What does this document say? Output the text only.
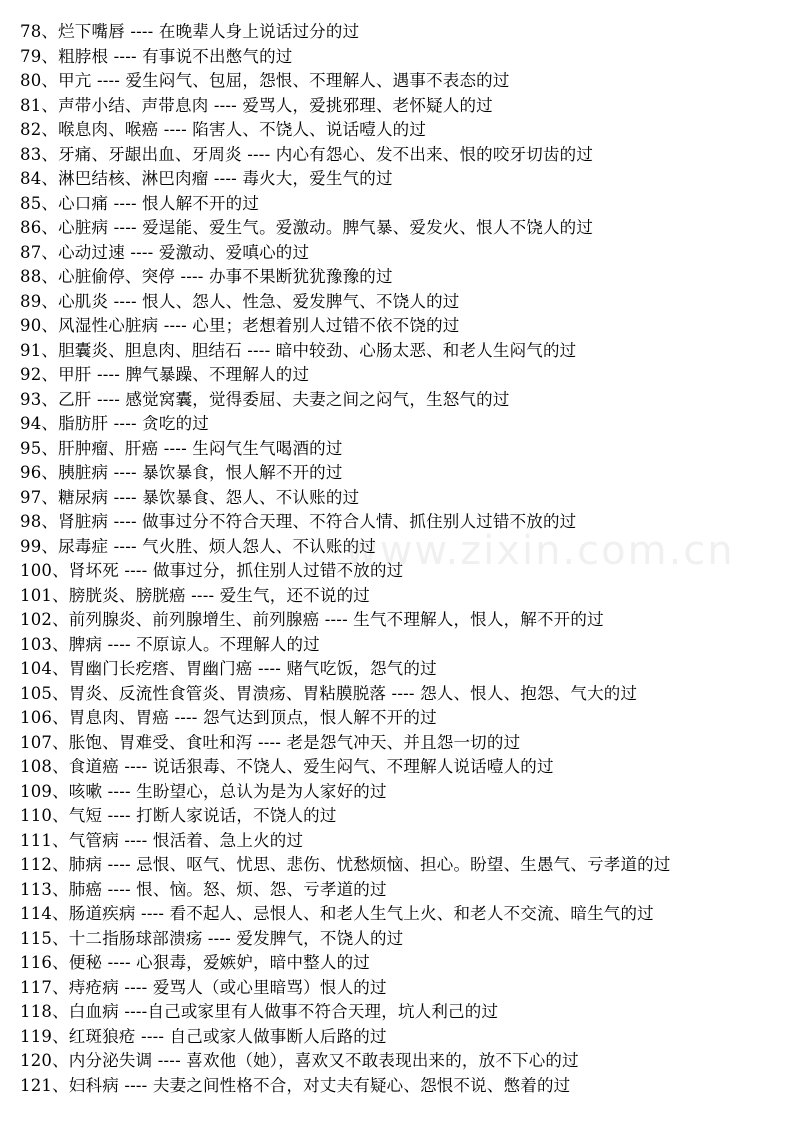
78、烂下嘴唇 ---- 在晚辈人身上说话过分的过
79、粗脖根 ---- 有事说不出憋气的过
80、甲亢 ---- 爱生闷气、包屈，怨恨、不理解人、遇事不表态的过
81、声带小结、声带息肉 ---- 爱骂人，爱挑邪理、老怀疑人的过
82、喉息肉、喉癌 ---- 陷害人、不饶人、说话噎人的过
83、牙痛、牙龈出血、牙周炎 ---- 内心有怨心、发不出来、恨的咬牙切齿的过
84、淋巴结核、淋巴肉瘤 ---- 毒火大，爱生气的过
85、心口痛 ---- 恨人解不开的过
86、心脏病 ---- 爱逞能、爱生气。爱激动。脾气暴、爱发火、恨人不饶人的过
87、心动过速 ---- 爱激动、爱嗔心的过
88、心脏偷停、突停 ---- 办事不果断犹犹豫豫的过
89、心肌炎 ---- 恨人、怨人、性急、爱发脾气、不饶人的过
90、风湿性心脏病 ---- 心里；老想着别人过错不依不饶的过
91、胆囊炎、胆息肉、胆结石 ---- 暗中较劲、心肠太恶、和老人生闷气的过
92、甲肝 ---- 脾气暴躁、不理解人的过
93、乙肝 ---- 感觉窝囊，觉得委屈、夫妻之间之闷气，生怒气的过
94、脂肪肝 ---- 贪吃的过
95、肝肿瘤、肝癌 ---- 生闷气生气喝酒的过
96、胰脏病 ---- 暴饮暴食，恨人解不开的过
97、糖尿病 ---- 暴饮暴食、怨人、不认账的过
98、肾脏病 ---- 做事过分不符合天理、不符合人情、抓住别人过错不放的过
99、尿毒症 ---- 气火胜、烦人怨人、不认账的过
100、肾坏死 ---- 做事过分，抓住别人过错不放的过
101、膀胱炎、膀胱癌 ---- 爱生气，还不说的过
102、前列腺炎、前列腺增生、前列腺癌 ---- 生气不理解人，恨人，解不开的过
103、脾病 ---- 不原谅人。不理解人的过
104、胃幽门长疙瘩、胃幽门癌 ---- 赌气吃饭，怨气的过
105、胃炎、反流性食管炎、胃溃疡、胃粘膜脱落 ---- 怨人、恨人、抱怨、气大的过
106、胃息肉、胃癌 ---- 怨气达到顶点，恨人解不开的过
107、胀饱、胃难受、食吐和泻 ---- 老是怨气冲天、并且怨一切的过
108、食道癌 ---- 说话狠毒、不饶人、爱生闷气、不理解人说话噎人的过
109、咳嗽 ---- 生盼望心，总认为是为人家好的过
110、气短 ---- 打断人家说话，不饶人的过
111、气管病 ---- 恨活着、急上火的过
112、肺病 ---- 忌恨、呕气、忧思、悲伤、忧愁烦恼、担心。盼望、生愚气、亏孝道的过
113、肺癌 ---- 恨、恼。怒、烦、怨、亏孝道的过
114、肠道疾病 ---- 看不起人、忌恨人、和老人生气上火、和老人不交流、暗生气的过
115、十二指肠球部溃疡 ---- 爱发脾气，不饶人的过
116、便秘 ---- 心狠毒，爱嫉妒，暗中整人的过
117、痔疮病 ---- 爱骂人（或心里暗骂）恨人的过
118、白血病 ----自己或家里有人做事不符合天理，坑人利己的过
119、红斑狼疮 ---- 自己或家人做事断人后路的过
120、内分泌失调 ---- 喜欢他（她），喜欢又不敢表现出来的，放不下心的过
121、妇科病 ---- 夫妻之间性格不合，对丈夫有疑心、怨恨不说、憋着的过
www.zixin.com.cn
